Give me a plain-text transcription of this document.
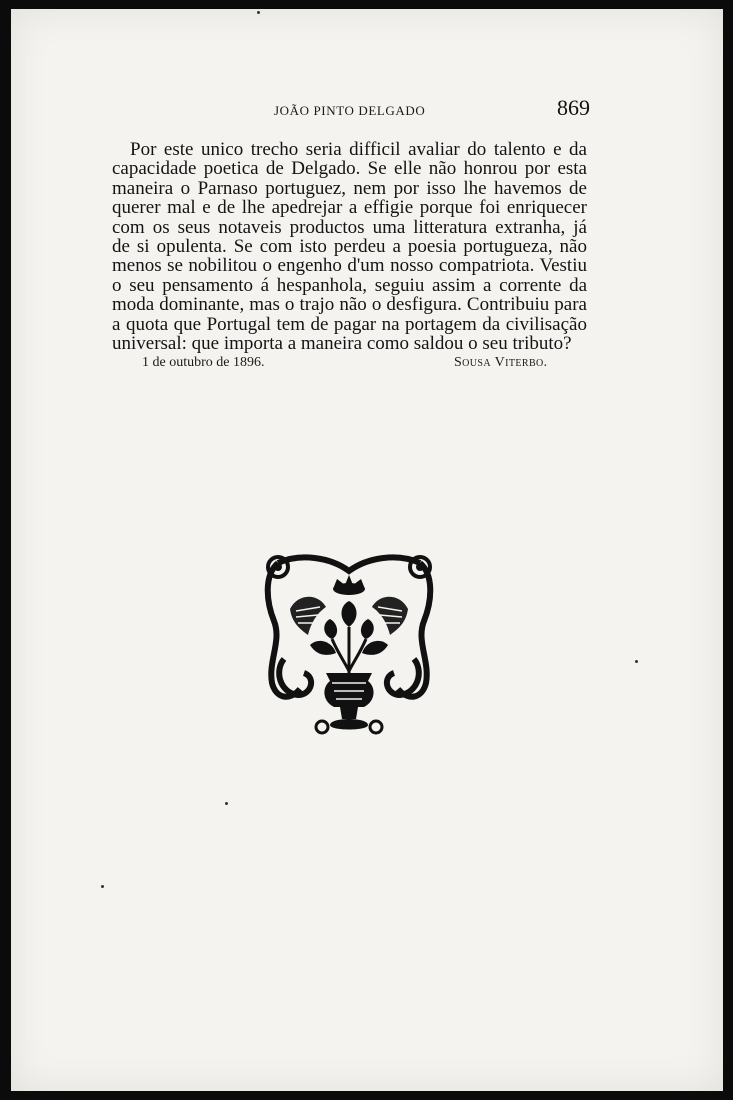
JOÃO PINTO DELGADO	869
Por este unico trecho seria difficil avaliar do talento e da
capacidade poetica de Delgado. Se elle não honrou por esta
maneira o Parnaso portuguez, nem por isso lhe havemos de
querer mal e de lhe apedrejar a effigie porque foi enriquecer
com os seus notaveis productos uma litteratura extranha, já
de si opulenta. Se com isto perdeu a poesia portugueza, não
menos se nobilitou o engenho d'um nosso compatriota. Vestiu
o seu pensamento á hespanhola, seguiu assim a corrente da
moda dominante, mas o trajo não o desfigura. Contribuiu para
a quota que Portugal tem de pagar na portagem da civilisação
universal: que importa a maneira como saldou o seu tributo?
1 de outubro de 1896.	Sousa Viterbo.
